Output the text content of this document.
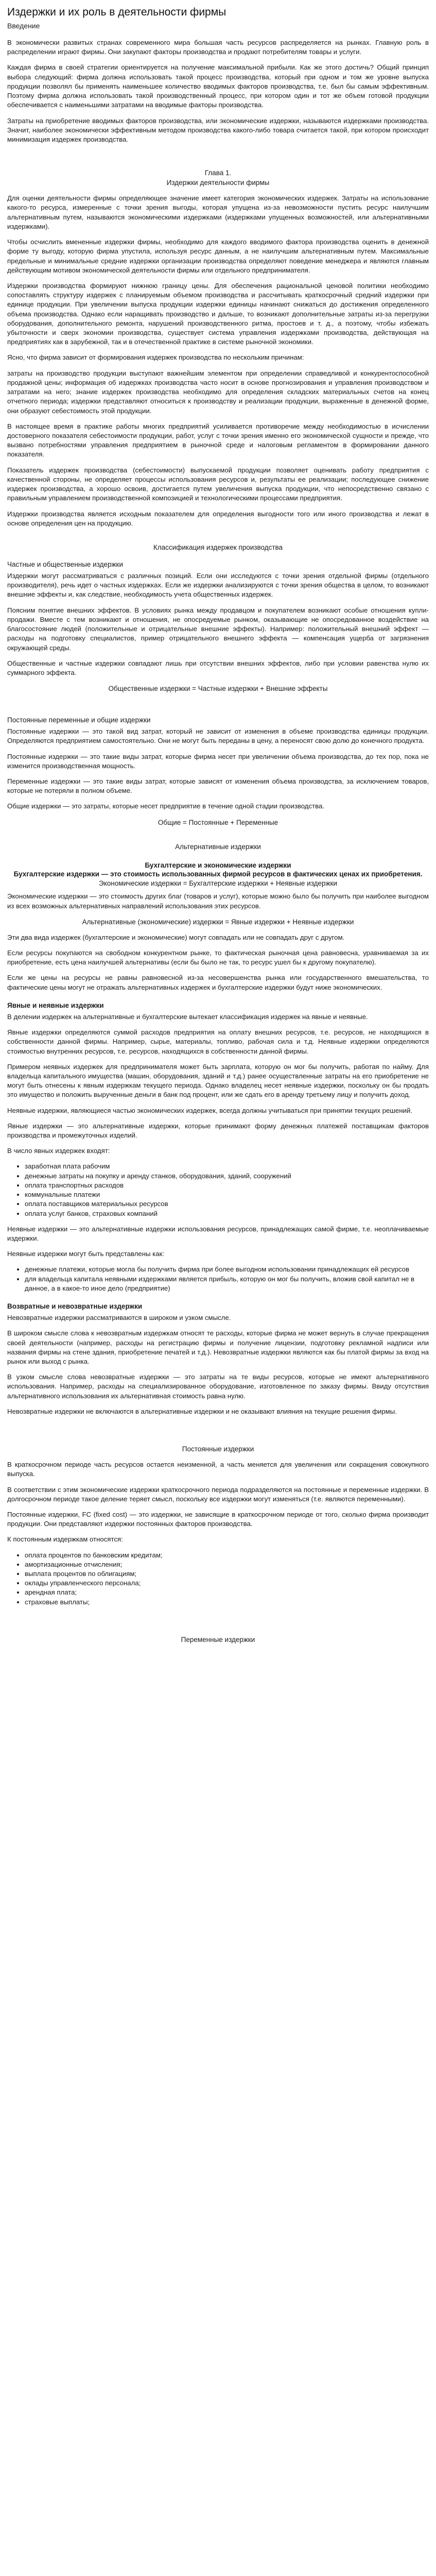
Издержки и их роль в деятельности фирмы
Введение

В экономически развитых странах современного мира большая часть ресурсов распределяется на рынках. Главную роль в распределении играют фирмы. Они закупают факторы производства и продают потребителям товары и услуги.

Каждая фирма в своей стратегии ориентируется на получение максимальной прибыли. Как же этого достичь? Общий принцип выбора следующий: фирма должна использовать такой процесс производства, который при одном и том же уровне выпуска продукции позволял бы применять наименьшее количество вводимых факторов производства, т.е. был бы самым эффективным. Поэтому фирма должна использовать такой производственный процесс, при котором один и тот же объем готовой продукции обеспечивается с наименьшими затратами на вводимые факторы производства.

Затраты на приобретение вводимых факторов производства, или экономические издержки, называются издержками производства. Значит, наиболее экономически эффективным методом производства какого-либо товара считается такой, при котором происходит минимизация издержек производства.

Глава 1.
Издержки деятельности фирмы

Для оценки деятельности фирмы определяющее значение имеет категория экономических издержек. Затраты на использование какого-то ресурса, измеренные с точки зрения выгоды, которая упущена из-за невозможности пустить ресурс наилучшим альтернативным путем, называются экономическими издержками (издержками упущенных возможностей, или альтернативными издержками).

Чтобы осчислить вмененные издержки фирмы, необходимо для каждого вводимого фактора производства оценить в денежной форме ту выгоду, которую фирма упустила, используя ресурс данным, а не наилучшим альтернативным путем. Максимальные предельные и минимальные средние издержки организации производства определяют поведение менеджера и являются главным действующим мотивом экономической деятельности фирмы или отдельного предпринимателя.

Издержки производства формируют нижнюю границу цены. Для обеспечения рациональной ценовой политики необходимо сопоставлять структуру издержек с планируемым объемом производства и рассчитывать краткосрочный средний издержки при единице продукции. При увеличении выпуска продукции издержки единицы начинают снижаться до достижения определенного объема производства. Однако если наращивать производство и дальше, то возникают дополнительные затраты из-за перегрузки оборудования, дополнительного ремонта, нарушений производственного ритма, простоев и т. д., а поэтому, чтобы избежать убыточности и сверх экономии производства, существует система управления издержками производства, действующая на предприятиях как в зарубежной, так и в отечественной практике в системе рыночной экономики.

Ясно, что фирма зависит от формирования издержек производства по нескольким причинам:

затраты на производство продукции выступают важнейшим элементом при определении справедливой и конкурентоспособной продажной цены; информация об издержках производства часто носит в основе прогнозирования и управления производством и затратами на него; знание издержек производства необходимо для определения складских материальных счетов на конец отчетного периода; издержки представляют относиться к производству и реализации продукции, выраженные в денежной форме, они образуют себестоимость этой продукции.

В настоящее время в практике работы многих предприятий усиливается противоречие между необходимостью в исчислении достоверного показателя себестоимости продукции, работ, услуг с точки зрения именно его экономической сущности и прежде, что вызвано потребностями управления предприятием в рыночной среде и налоговым регламентом в формировании данного показателя.

Показатель издержек производства (себестоимости) выпускаемой продукции позволяет оценивать работу предприятия с качественной стороны, не определяет процессы использования ресурсов и, результаты ее реализации; последующее снижение издержек производства, а хорошо освоив, достигается путем увеличения выпуска продукции, что непосредственно связано с правильным управлением производственной композицией и технологическими процессами предприятия.

Издержки производства является исходным показателем для определения выгодности того или иного производства и лежат в основе определения цен на продукцию.

Классификация издержек производства
Частные и общественные издержки

Издержки могут рассматриваться с различных позиций. Если они исследуются с точки зрения отдельной фирмы (отдельного производителя), речь идет о частных издержках. Если же издержки анализируются с точки зрения общества в целом, то возникают внешние эффекты и, как следствие, необходимость учета общественных издержек.

Поясним понятие внешних эффектов. В условиях рынка между продавцом и покупателем возникают особые отношения купли-продажи. Вместе с тем возникают и отношения, не опосредуемые рынком, оказывающие не опосредованное воздействие на благосостояние людей (положительные и отрицательные внешние эффекты). Например: положительный внешний эффект — расходы на подготовку специалистов, пример отрицательного внешнего эффекта — компенсация ущерба от загрязнения окружающей среды.

Общественные и частные издержки совпадают лишь при отсутствии внешних эффектов, либо при условии равенства нулю их суммарного эффекта.

Общественные издержки = Частные издержки + Внешние эффекты
Постоянные переменные и общие издержки

Постоянные издержки — это такой вид затрат, который не зависит от изменения в объеме производства единицы продукции. Определяются предприятием самостоятельно. Они не могут быть переданы в цену, а переносят свою долю до конечного продукта.

Постоянные издержки — это такие виды затрат, которые фирма несет при увеличении объема производства, до тех пор, пока не изменится производственная мощность.

Переменные издержки — это такие виды затрат, которые зависят от изменения объема производства, за исключением товаров, которые не потеряли в полном объеме.

Общие издержки — это затраты, которые несет предприятие в течение одной стадии производства.

Общие = Постоянные + Переменные
Альтернативные издержки
Бухгалтерские и экономические издержки
Бухгалтерские издержки — это стоимость использованных фирмой ресурсов в фактических ценах их приобретения.
Экономические издержки = Бухгалтерские издержки + Неявные издержки

Экономические издержки — это стоимость других благ (товаров и услуг), которые можно было бы получить при наиболее выгодном из всех возможных альтернативных направлений использования этих ресурсов.

Альтернативные (экономические) издержки = Явные издержки + Неявные издержки

Эти два вида издержек (бухгалтерские и экономические) могут совпадать или не совпадать друг с другом.

Если ресурсы покупаются на свободном конкурентном рынке, то фактическая рыночная цена равновесна, уравниваемая за их приобретение, есть цена наилучшей альтернативы (если бы было не так, то ресурс ушел бы к другому покупателю).

Если же цены на ресурсы не равны равновесной из-за несовершенства рынка или государственного вмешательства, то фактические цены могут не отражать альтернативных издержек и бухгалтерские издержки будут ниже экономических.

Явные и неявные издержки

В делении издержек на альтернативные и бухгалтерские вытекает классификация издержек на явные и неявные.

Явные издержки определяются суммой расходов предприятия на оплату внешних ресурсов, т.е. ресурсов, не находящихся в собственности данной фирмы. Например, сырье, материалы, топливо, рабочая сила и т.д. Неявные издержки определяются стоимостью внутренних ресурсов, т.е. ресурсов, находящихся в собственности данной фирмы.

Примером неявных издержек для предпринимателя может быть зарплата, которую он мог бы получить, работая по найму. Для владельца капитального имущества (машин, оборудования, зданий и т.д.) ранее осуществленные затраты на его приобретение не могут быть отнесены к явным издержкам текущего периода. Однако владелец несет неявные издержки, поскольку он бы продать это имущество и положить вырученные деньги в банк под процент, или же сдать его в аренду третьему лицу и получить доход.

Неявные издержки, являющиеся частью экономических издержек, всегда должны учитываться при принятии текущих решений.

Явные издержки — это альтернативные издержки, которые принимают форму денежных платежей поставщикам факторов производства и промежуточных изделий.

В число явных издержек входят:

• заработная плата рабочим
• денежные затраты на покупку и аренду станков, оборудования, зданий, сооружений
• оплата транспортных расходов
• коммунальные платежи
• оплата поставщиков материальных ресурсов
• оплата услуг банков, страховых компаний

Неявные издержки — это альтернативные издержки использования ресурсов, принадлежащих самой фирме, т.е. неоплачиваемые издержки.

Неявные издержки могут быть представлены как:

• денежные платежи, которые могла бы получить фирма при более выгодном использовании принадлежащих ей ресурсов
• для владельца капитала неявными издержками является прибыль, которую он мог бы получить, вложив свой капитал не в данное, а в какое-то иное дело (предприятие)
Возвратные и невозвратные издержки

Невозвратные издержки рассматриваются в широком и узком смысле.

В широком смысле слова к невозвратным издержкам относят те расходы, которые фирма не может вернуть в случае прекращения своей деятельности (например, расходы на регистрацию фирмы и получение лицензии, подготовку рекламной надписи или названия фирмы на стене здания, приобретение печатей и т.д.). Невозвратные издержки являются как бы платой фирмы за вход на рынок или выход с рынка.

В узком смысле слова невозвратные издержки — это затраты на те виды ресурсов, которые не имеют альтернативного использования. Например, расходы на специализированное оборудование, изготовленное по заказу фирмы. Ввиду отсутствия альтернативного использования их альтернативная стоимость равна нулю.

Невозвратные издержки не включаются в альтернативные издержки и не оказывают влияния на текущие решения фирмы.

Постоянные издержки

В краткосрочном периоде часть ресурсов остается неизменной, а часть меняется для увеличения или сокращения совокупного выпуска.

В соответствии с этим экономические издержки краткосрочного периода подразделяются на постоянные и переменные издержки. В долгосрочном периоде такое деление теряет смысл, поскольку все издержки могут изменяться (т.е. являются переменными).

Постоянные издержки, FC (fixed cost) — это издержки, не зависящие в краткосрочном периоде от того, сколько фирма производит продукции. Они представляют издержки постоянных факторов производства.

К постоянным издержкам относятся:

• оплата процентов по банковским кредитам;
• амортизационные отчисления;
• выплата процентов по облигациям;
• оклады управленческого персонала;
• арендная плата;
• страховые выплаты;
Переменные издержки
